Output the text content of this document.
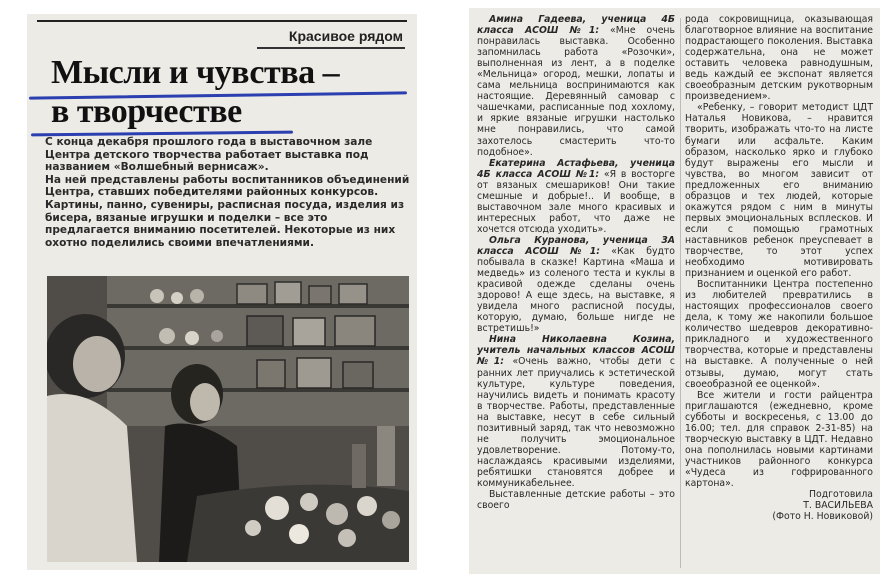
Красивое рядом
Мысли и чувства –
в творчестве

С конца декабря прошлого года в выставочном зале Центра детского творчества работает выставка под названием «Волшебный вернисаж».

На ней представлены работы воспитанников объединений Центра, ставших победителями районных конкурсов. Картины, панно, сувениры, расписная посуда, изделия из бисера, вязаные игрушки и поделки – все это предлагается вниманию посетителей. Некоторые из них охотно поделились своими впечатлениями.

Амина Гадеева, ученица 4Б класса АСОШ №1: «Мне очень понравилась выставка. Особенно запомнилась работа «Розочки», выполненная из лент, а в поделке «Мельница» огород, мешки, лопаты и сама мельница воспринимаются как настоящие. Деревянный самовар с чашечками, расписанные под хохлому, и яркие вязаные игрушки настолько мне понравились, что самой захотелось смастерить что-то подобное».

Екатерина Астафьева, ученица 4Б класса АСОШ №1: «Я в восторге от вязаных смешариков! Они такие смешные и добрые!.. И вообще, в выставочном зале много красивых и интересных работ, что даже не хочется отсюда уходить».

Ольга Куранова, ученица 3А класса АСОШ №1: «Как будто побывала в сказке! Картина «Маша и медведь» из соленого теста и куклы в красивой одежде сделаны очень здорово! А еще здесь, на выставке, я увидела много расписной посуды, которую, думаю, больше нигде не встретишь!»

Нина Николаевна Козина, учитель начальных классов АСОШ №1: «Очень важно, чтобы дети с ранних лет приучались к эстетической культуре, культуре поведения, научились видеть и понимать красоту в творчестве. Работы, представленные на выставке, несут в себе сильный позитивный заряд, так что невозможно не получить эмоциональное удовлетворение. Потому-то, наслаждаясь красивыми изделиями, ребятишки становятся добрее и коммуникабельнее.

Выставленные детские работы – это своего

рода сокровищница, оказывающая благотворное влияние на воспитание подрастающего поколения. Выставка содержательна, она не может оставить человека равнодушным, ведь каждый ее экспонат является своеобразным детским рукотворным произведением».

«Ребенку, – говорит методист ЦДТ Наталья Новикова, – нравится творить, изображать что-то на листе бумаги или асфальте. Каким образом, насколько ярко и глубоко будут выражены его мысли и чувства, во многом зависит от предложенных его вниманию образцов и тех людей, которые окажутся рядом с ним в минуты первых эмоциональных всплесков. И если с помощью грамотных наставников ребенок преуспевает в творчестве, то этот успех необходимо мотивировать признанием и оценкой его работ.

Воспитанники Центра постепенно из любителей превратились в настоящих профессионалов своего дела, к тому же накопили большое количество шедевров декоративно-прикладного и художественного творчества, которые и представлены на выставке. А полученные о ней отзывы, думаю, могут стать своеобразной ее оценкой».

Все жители и гости райцентра приглашаются (ежедневно, кроме субботы и воскресенья, с 13.00 до 16.00; тел. для справок 2-31-85) на творческую выставку в ЦДТ. Недавно она пополнилась новыми картинами участников районного конкурса «Чудеса из гофрированного картона».

Подготовила

Т. ВАСИЛЬЕВА

(Фото Н. Новиковой)
